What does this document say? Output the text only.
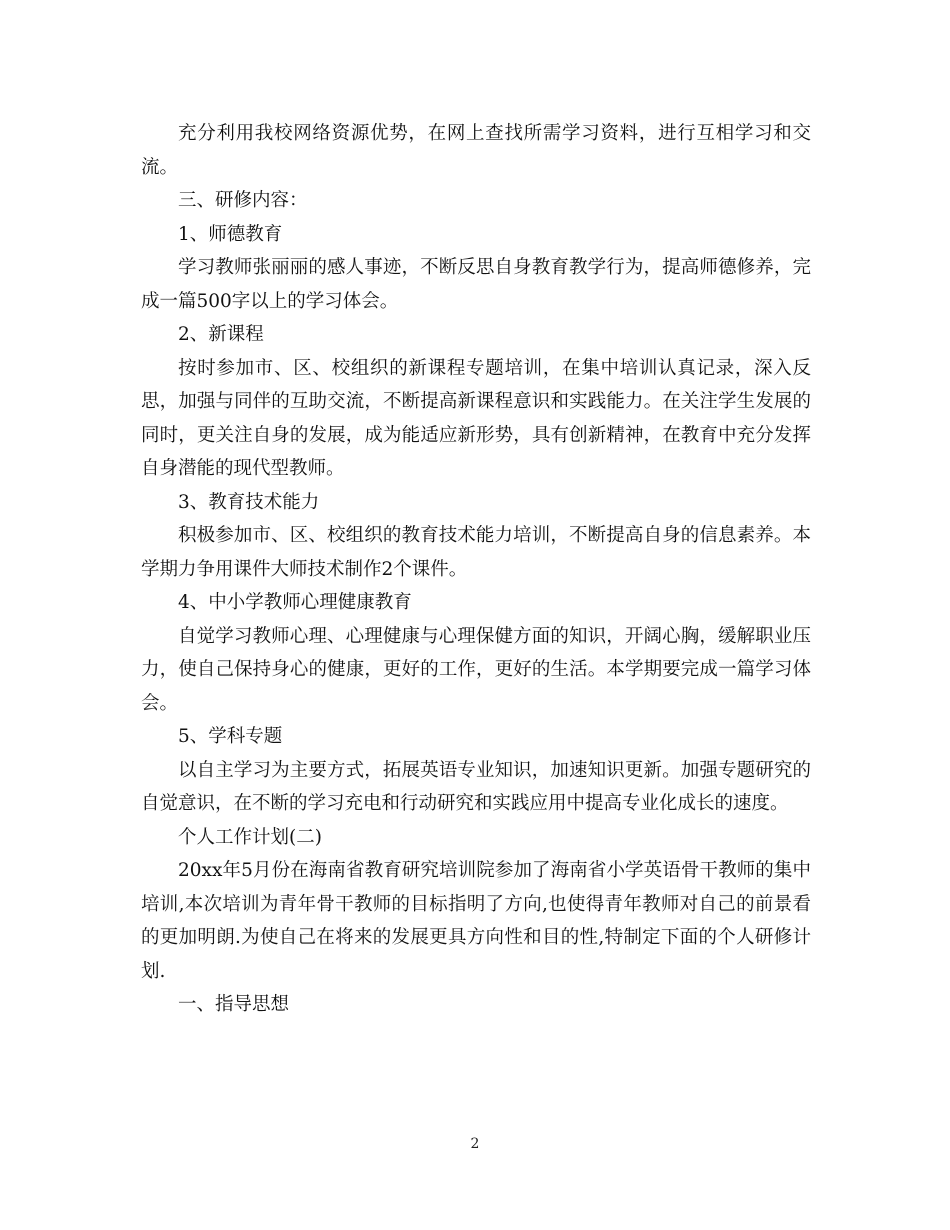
充分利用我校网络资源优势，在网上查找所需学习资料，进行互相学习和交流。

三、研修内容：

1、师德教育

学习教师张丽丽的感人事迹，不断反思自身教育教学行为，提高师德修养，完成一篇500字以上的学习体会。

2、新课程

按时参加市、区、校组织的新课程专题培训，在集中培训认真记录，深入反思，加强与同伴的互助交流，不断提高新课程意识和实践能力。在关注学生发展的同时，更关注自身的发展，成为能适应新形势，具有创新精神，在教育中充分发挥自身潜能的现代型教师。

3、教育技术能力

积极参加市、区、校组织的教育技术能力培训，不断提高自身的信息素养。本学期力争用课件大师技术制作2个课件。

4、中小学教师心理健康教育

自觉学习教师心理、心理健康与心理保健方面的知识，开阔心胸，缓解职业压力，使自己保持身心的健康，更好的工作，更好的生活。本学期要完成一篇学习体会。

5、学科专题

以自主学习为主要方式，拓展英语专业知识，加速知识更新。加强专题研究的自觉意识，在不断的学习充电和行动研究和实践应用中提高专业化成长的速度。

个人工作计划(二)

20xx年5月份在海南省教育研究培训院参加了海南省小学英语骨干教师的集中培训,本次培训为青年骨干教师的目标指明了方向,也使得青年教师对自己的前景看的更加明朗.为使自己在将来的发展更具方向性和目的性,特制定下面的个人研修计划.

一、指导思想

2
